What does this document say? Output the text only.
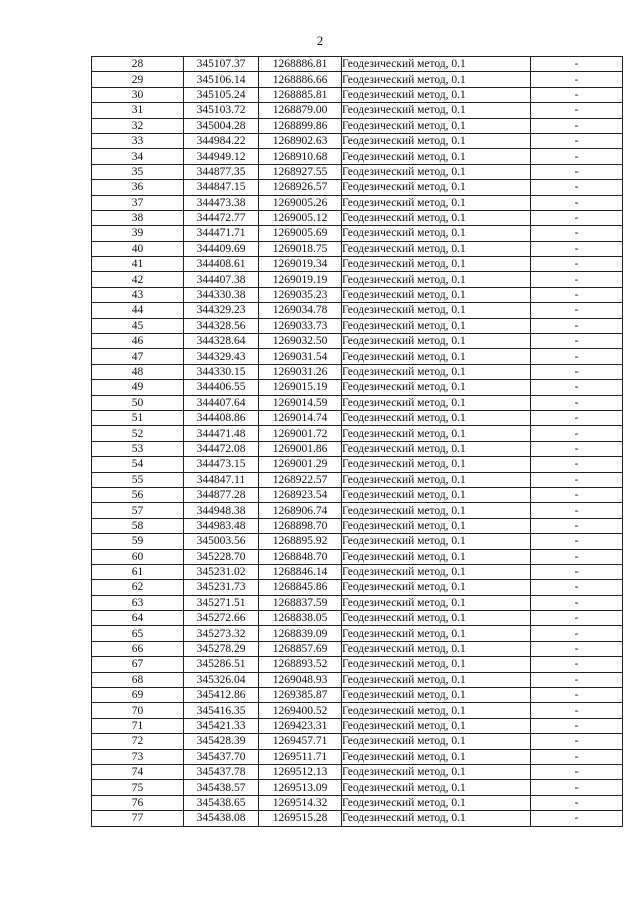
2
28	345107.37	1268886.81	Геодезический метод, 0.1	-
29	345106.14	1268886.66	Геодезический метод, 0.1	-
30	345105.24	1268885.81	Геодезический метод, 0.1	-
31	345103.72	1268879.00	Геодезический метод, 0.1	-
32	345004.28	1268899.86	Геодезический метод, 0.1	-
33	344984.22	1268902.63	Геодезический метод, 0.1	-
34	344949.12	1268910.68	Геодезический метод, 0.1	-
35	344877.35	1268927.55	Геодезический метод, 0.1	-
36	344847.15	1268926.57	Геодезический метод, 0.1	-
37	344473.38	1269005.26	Геодезический метод, 0.1	-
38	344472.77	1269005.12	Геодезический метод, 0.1	-
39	344471.71	1269005.69	Геодезический метод, 0.1	-
40	344409.69	1269018.75	Геодезический метод, 0.1	-
41	344408.61	1269019.34	Геодезический метод, 0.1	-
42	344407.38	1269019.19	Геодезический метод, 0.1	-
43	344330.38	1269035.23	Геодезический метод, 0.1	-
44	344329.23	1269034.78	Геодезический метод, 0.1	-
45	344328.56	1269033.73	Геодезический метод, 0.1	-
46	344328.64	1269032.50	Геодезический метод, 0.1	-
47	344329.43	1269031.54	Геодезический метод, 0.1	-
48	344330.15	1269031.26	Геодезический метод, 0.1	-
49	344406.55	1269015.19	Геодезический метод, 0.1	-
50	344407.64	1269014.59	Геодезический метод, 0.1	-
51	344408.86	1269014.74	Геодезический метод, 0.1	-
52	344471.48	1269001.72	Геодезический метод, 0.1	-
53	344472.08	1269001.86	Геодезический метод, 0.1	-
54	344473.15	1269001.29	Геодезический метод, 0.1	-
55	344847.11	1268922.57	Геодезический метод, 0.1	-
56	344877.28	1268923.54	Геодезический метод, 0.1	-
57	344948.38	1268906.74	Геодезический метод, 0.1	-
58	344983.48	1268898.70	Геодезический метод, 0.1	-
59	345003.56	1268895.92	Геодезический метод, 0.1	-
60	345228.70	1268848.70	Геодезический метод, 0.1	-
61	345231.02	1268846.14	Геодезический метод, 0.1	-
62	345231.73	1268845.86	Геодезический метод, 0.1	-
63	345271.51	1268837.59	Геодезический метод, 0.1	-
64	345272.66	1268838.05	Геодезический метод, 0.1	-
65	345273.32	1268839.09	Геодезический метод, 0.1	-
66	345278.29	1268857.69	Геодезический метод, 0.1	-
67	345286.51	1268893.52	Геодезический метод, 0.1	-
68	345326.04	1269048.93	Геодезический метод, 0.1	-
69	345412.86	1269385.87	Геодезический метод, 0.1	-
70	345416.35	1269400.52	Геодезический метод, 0.1	-
71	345421.33	1269423.31	Геодезический метод, 0.1	-
72	345428.39	1269457.71	Геодезический метод, 0.1	-
73	345437.70	1269511.71	Геодезический метод, 0.1	-
74	345437.78	1269512.13	Геодезический метод, 0.1	-
75	345438.57	1269513.09	Геодезический метод, 0.1	-
76	345438.65	1269514.32	Геодезический метод, 0.1	-
77	345438.08	1269515.28	Геодезический метод, 0.1	-
